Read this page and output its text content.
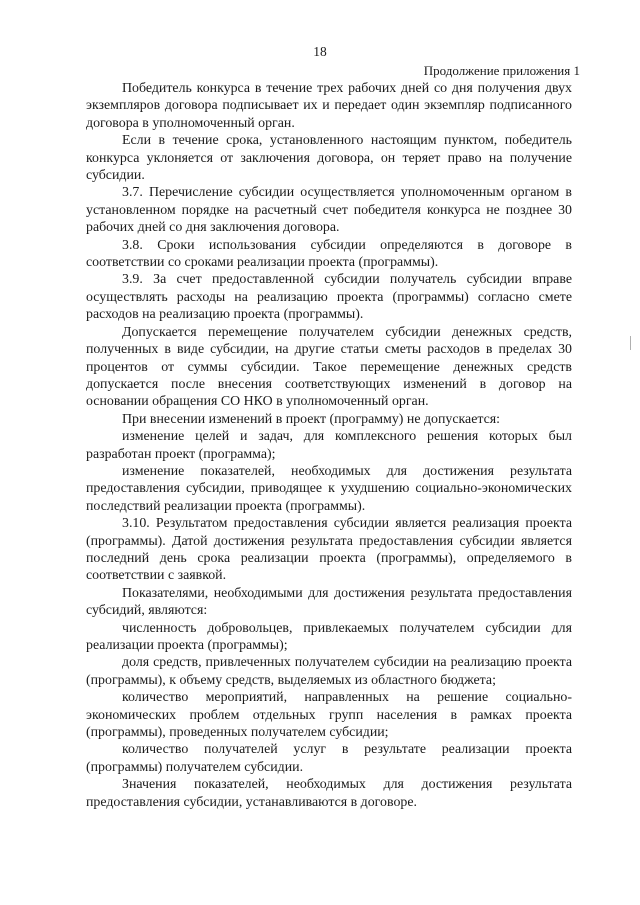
18
Продолжение приложения 1

Победитель конкурса в течение трех рабочих дней со дня получения двух экземпляров договора подписывает их и передает один экземпляр подписанного договора в уполномоченный орган.

Если в течение срока, установленного настоящим пунктом, победитель конкурса уклоняется от заключения договора, он теряет право на получение субсидии.

3.7. Перечисление субсидии осуществляется уполномоченным органом в установленном порядке на расчетный счет победителя конкурса не позднее 30 рабочих дней со дня заключения договора.

3.8. Сроки использования субсидии определяются в договоре в соответствии со сроками реализации проекта (программы).

3.9. За счет предоставленной субсидии получатель субсидии вправе осуществлять расходы на реализацию проекта (программы) согласно смете расходов на реализацию проекта (программы).

Допускается перемещение получателем субсидии денежных средств, полученных в виде субсидии, на другие статьи сметы расходов в пределах 30 процентов от суммы субсидии. Такое перемещение денежных средств допускается после внесения соответствующих изменений в договор на основании обращения СО НКО в уполномоченный орган.

При внесении изменений в проект (программу) не допускается:

изменение целей и задач, для комплексного решения которых был разработан проект (программа);

изменение показателей, необходимых для достижения результата предоставления субсидии, приводящее к ухудшению социально-экономических последствий реализации проекта (программы).

3.10. Результатом предоставления субсидии является реализация проекта (программы). Датой достижения результата предоставления субсидии является последний день срока реализации проекта (программы), определяемого в соответствии с заявкой.

Показателями, необходимыми для достижения результата предоставления субсидий, являются:

численность добровольцев, привлекаемых получателем субсидии для реализации проекта (программы);

доля средств, привлеченных получателем субсидии на реализацию проекта (программы), к объему средств, выделяемых из областного бюджета;

количество мероприятий, направленных на решение социально-экономических проблем отдельных групп населения в рамках проекта (программы), проведенных получателем субсидии;

количество получателей услуг в результате реализации проекта (программы) получателем субсидии.

Значения показателей, необходимых для достижения результата предоставления субсидии, устанавливаются в договоре.
